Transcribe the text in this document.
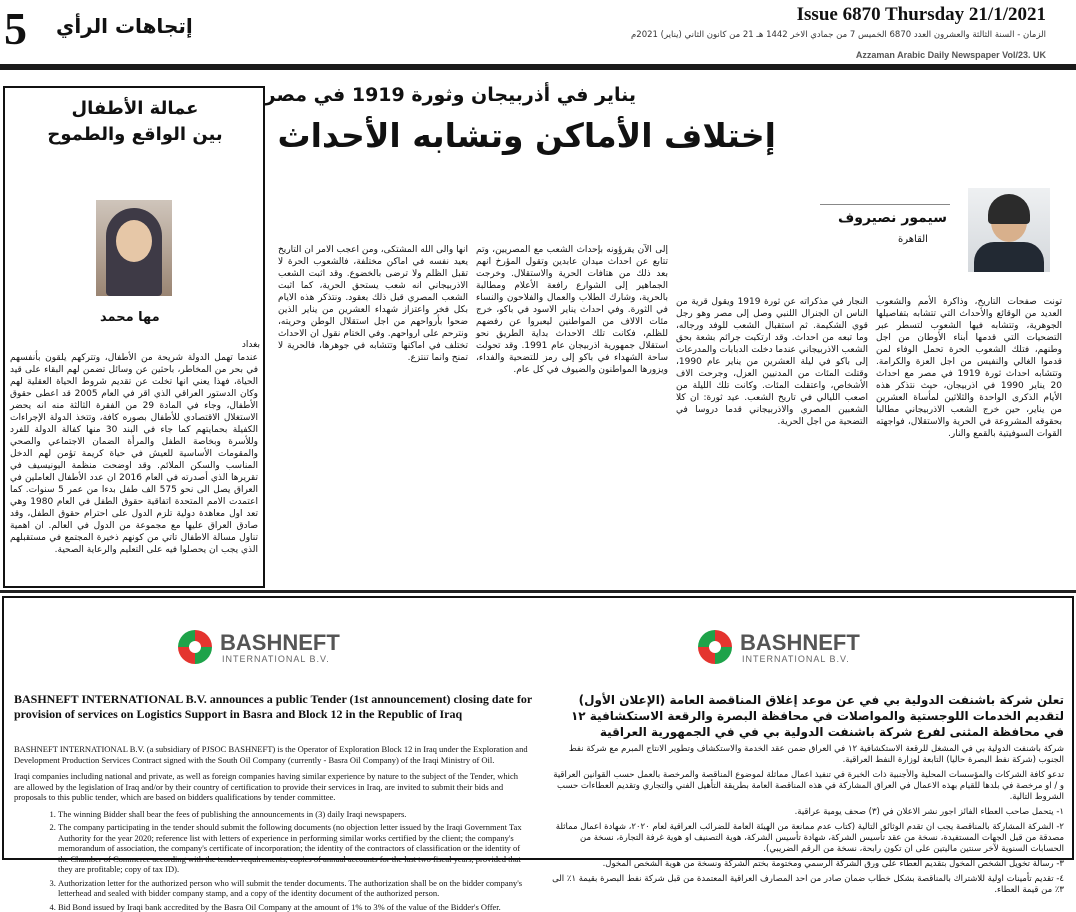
5 إتجاهات الرأي	Issue 6870 Thursday 21/1/2021
الزمان - السنة الثالثة والعشرون العدد 6870 الخميس 7 من جمادي الاخر 1442 هـ 21 من كانون الثاني (يناير) 2021م
Azzaman Arabic Daily Newspaper Vol/23. UK
عمالة الأطفال
بين الواقع والطموح
مها محمد
بغداد
عندما تهمل الدولة شريحة من الأطفال، وتتركهم يلقون بأنفسهم في بحر من المخاطر، باحثين عن وسائل تضمن لهم البقاء على قيد الحياة، فهذا يعني انها تخلت عن تقديم شروط الحياة العقلية لهم وكان الدستور العراقي الذي اقر في العام 2005 قد اعطى حقوق الأطفال، وجاء في المادة 29 من الفقرة الثالثة منه انه يحضر الاستغلال الاقتصادي للأطفال بصوره كافة، وتتخذ الدولة الإجراءات الكفيلة بحمايتهم كما جاء في البند 30 منها كفالة الدولة للفرد وللأسرة وبخاصة الطفل والمرأة الضمان الاجتماعي والصحي والمقومات الأساسية للعيش في حياة كريمة تؤمن لهم الدخل المناسب والسكن الملائم. وقد اوضحت منظمة اليونيسيف في تقريرها الذي أصدرته في العام 2016 ان عدد الأطفال العاملين في العراق يصل الى نحو 575 الف طفل بدءا من عمر 5 سنوات. كما اعتمدت الامم المتحدة اتفاقية حقوق الطفل في العام 1980 وهي تعد اول معاهدة دولية تلزم الدول على احترام حقوق الطفل، وقد صادق العراق عليها مع مجموعة من الدول في العالم. ان اهمية تناول مسالة الاطفال تاتي من كونهم ذخيرة المجتمع في مستقبلهم الذي يجب ان يحصلوا فيه على التعليم والرعاية الصحية.
يناير في أذربيجان وثورة 1919 في مصر
إختلاف الأماكن وتشابه الأحداث
سيمور نصيروف
القاهرة
تونت صفحات التاريخ، وذاكرة الأمم والشعوب العديد من الوقائع والأحداث التي تتشابه بتفاصيلها الجوهرية، وتتشابه فيها الشعوب لتسطر عبر التضحيات التي قدمها أبناء الأوطان من اجل وطنهم، فتلك الشعوب الحرة تحمل الوفاء لمن قدموا الغالي والنفيس من اجل العزة والكرامة. وتتشابه احداث ثورة 1919 في مصر مع احداث 20 يناير 1990 في اذربيجان، حيث نتذكر هذه الأيام الذكرى الواحدة والثلاثين لمأساة العشرين من يناير، حين خرج الشعب الاذربيجاني مطالبا بحقوقه المشروعة في الحرية والاستقلال، فواجهته القوات السوفيتية بالقمع والنار.
النجار في مذكراته عن ثورة 1919 ويقول قرية من الناس ان الجنرال اللنبي وصل إلى مصر وهو رجل قوي الشكيمة. ثم استقبال الشعب للوفد ورجاله، وما تبعه من احداث. وقد ارتكبت جرائم بشعة بحق الشعب الاذربيجاني عندما دخلت الدبابات والمدرعات إلى باكو في ليلة العشرين من يناير عام 1990، وقتلت المئات من المدنيين العزل، وجرحت الاف الأشخاص، واعتقلت المئات. وكانت تلك الليلة من اصعب الليالي في تاريخ الشعب. عيد ثورة: ان كلا الشعبين المصري والاذربيجاني قدما دروسا في التضحية من اجل الحرية.
إلى الآن يقرؤونه بإحداث الشعب مع المصريين، وتم تتابع عن احداث ميدان عابدين وتقول المؤرخ انهم بعد ذلك من هتافات الحرية والاستقلال. وخرجت الجماهير إلى الشوارع رافعة الأعلام ومطالبة بالحرية، وشارك الطلاب والعمال والفلاحون والنساء في الثورة. وفي احداث يناير الاسود في باكو، خرج مئات الالاف من المواطنين ليعبروا عن رفضهم للظلم، فكانت تلك الاحداث بداية الطريق نحو استقلال جمهورية اذربيجان عام 1991. وقد تحولت ساحة الشهداء في باكو إلى رمز للتضحية والفداء، ويزورها المواطنون والضيوف في كل عام.
انها والى الله المشتكى، ومن اعجب الامر ان التاريخ يعيد نفسه في اماكن مختلفة، فالشعوب الحرة لا تقبل الظلم ولا ترضى بالخضوع. وقد اثبت الشعب الاذربيجاني انه شعب يستحق الحرية، كما اثبت الشعب المصري قبل ذلك بعقود. ونتذكر هذه الايام بكل فخر واعتزاز شهداء العشرين من يناير الذين ضحوا بأرواحهم من اجل استقلال الوطن وحريته، ونترحم على ارواحهم. وفي الختام نقول ان الاحداث تختلف في اماكنها وتتشابه في جوهرها، فالحرية لا تمنح وانما تنتزع.
BASHNEFT
INTERNATIONAL B.V.
BASHNEFT
INTERNATIONAL B.V.
BASHNEFT INTERNATIONAL B.V. announces a public Tender (1st announcement) closing date for provision of services on Logistics Support in Basra and Block 12 in the Republic of Iraq
تعلن شركة باشنفت الدولية بي في عن موعد إغلاق المناقصة العامة (الإعلان الأول) لتقديم الخدمات اللوجستية والمواصلات في محافظة البصرة والرقعة الاستكشافية ١٢ في محافظة المثنى لفرع شركة باشنفت الدولية بي في في الجمهورية العراقية

BASHNEFT INTERNATIONAL B.V. (a subsidiary of PJSOC BASHNEFT) is the Operator of Exploration Block 12 in Iraq under the Exploration and Development Production Services Contract signed with the South Oil Company (currently - Basra Oil Company) of the Iraqi Ministry of Oil.

Iraqi companies including national and private, as well as foreign companies having similar experience by nature to the subject of the Tender, which are allowed by the legislation of Iraq and/or by their country of certification to provide their services in Iraq, are invited to submit their bids and proposals to this public tender, which are based on bidders qualifications by tender committee.

1. The winning Bidder shall bear the fees of publishing the announcements in (3) daily Iraqi newspapers.
2. The company participating in the tender should submit the following documents (no objection letter issued by the Iraqi Government Tax Authority for the year 2020; reference list with letters of experience in performing similar works certified by the client; the company's memorandum of association, the company's certificate of incorporation; the identity of the contractors of classification or the identity of the Chamber of Commerce according with the tender requirements; copies of annual accounts for the last two fiscal years, provided that they are profitable; copy of tax ID).
3. Authorization letter for the authorized person who will submit the tender documents. The authorization shall be on the bidder company's letterhead and sealed with bidder company stamp, and a copy of the identity document of the authorized person.
4. Bid Bond issued by Iraqi bank accredited by the Basra Oil Company at the amount of 1% to 3% of the value of the Bidder's Offer.

شركة باشنفت الدولية بي في المشغل للرقعة الاستكشافية ١٢ في العراق ضمن عقد الخدمة والاستكشاف وتطوير الانتاج المبرم مع شركة نفط الجنوب (شركة نفط البصرة حاليا) التابعة لوزارة النفط العراقية.

تدعو كافة الشركات والمؤسسات المحلية والأجنبية ذات الخبرة في تنفيذ اعمال مماثلة لموضوع المناقصة والمرخصة بالعمل حسب القوانين العراقية و / او مرخصة في بلدها للقيام بهذه الاعمال في العراق المشاركة في هذه المناقصة العامة بطريقة التأهيل الفني والتجاري وتقديم العطاءات حسب الشروط التالية.

١- يتحمل صاحب العطاء الفائز اجور نشر الاعلان في (٣) صحف يومية عراقية.

٢- الشركة المشاركة بالمناقصة يجب ان تقدم الوثائق التالية (كتاب عدم ممانعة من الهيئة العامة للضرائب العراقية لعام ٢٠٢٠، شهادة اعمال مماثلة مصدقة من قبل الجهات المستفيدة، نسخة من عقد تأسيس الشركة، شهادة تأسيس الشركة، هوية التصنيف او هوية غرفة التجارة، نسخة من الحسابات السنوية لآخر سنتين ماليتين على ان تكون رابحة، نسخة من الرقم الضريبي).

٣- رسالة تخويل الشخص المخول بتقديم العطاء على ورق الشركة الرسمي ومختومة بختم الشركة ونسخة من هوية الشخص المخول.

٤- تقديم تأمينات اولية للاشتراك بالمناقصة بشكل خطاب ضمان صادر من احد المصارف العراقية المعتمدة من قبل شركة نفط البصرة بقيمة ١٪ الى ٣٪ من قيمة العطاء.
